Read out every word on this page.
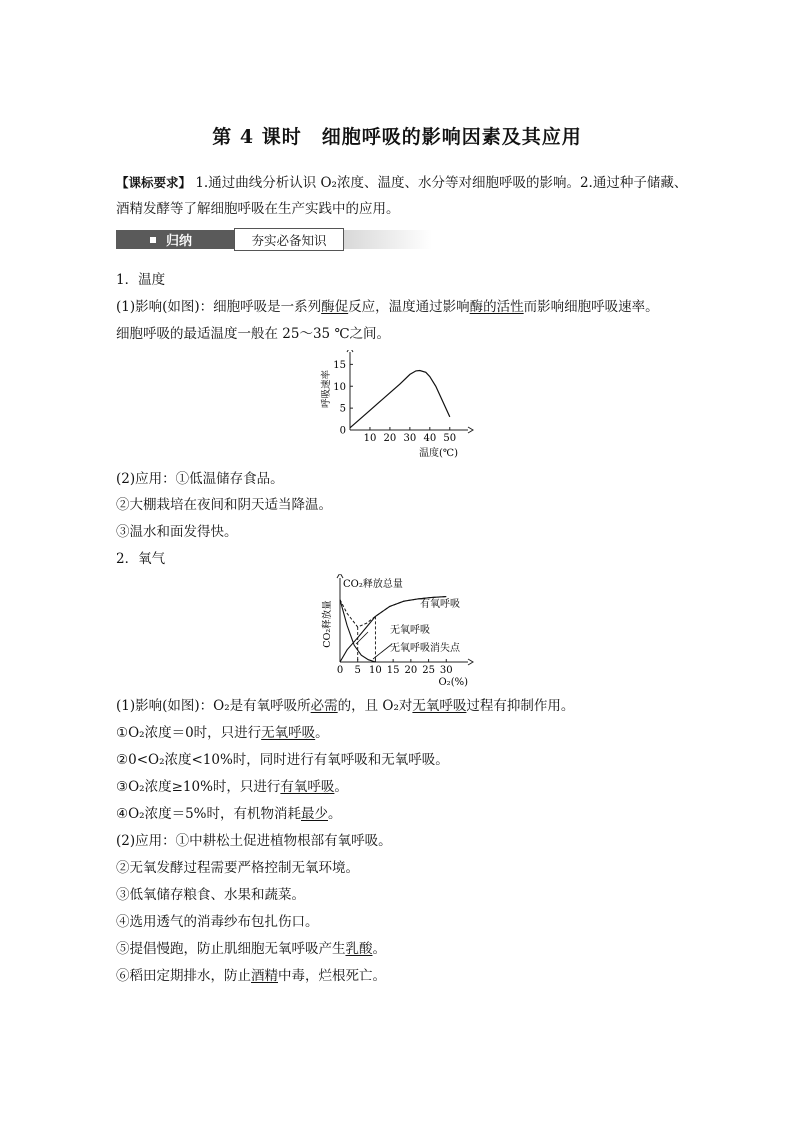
第 4 课时　细胞呼吸的影响因素及其应用
【课标要求】 1.通过曲线分析认识 O₂浓度、温度、水分等对细胞呼吸的影响。2.通过种子储藏、酒精发酵等了解细胞呼吸在生产实践中的应用。
归纳	夯实必备知识
1．温度
(1)影响(如图)：细胞呼吸是一系列酶促反应，温度通过影响酶的活性而影响细胞呼吸速率。
细胞呼吸的最适温度一般在 25～35 ℃之间。
10 20 30 40 50
0
5
10
15
呼吸速率
温度(℃)
(2)应用：①低温储存食品。
②大棚栽培在夜间和阴天适当降温。
③温水和面发得快。
2．氧气
0 5 10 15 20 25 30
CO₂释放总量
有氧呼吸
无氧呼吸
无氧呼吸消失点
CO₂释放量
O₂(%)
(1)影响(如图)：O₂是有氧呼吸所必需的，且 O₂对无氧呼吸过程有抑制作用。
①O₂浓度＝0时，只进行无氧呼吸。
②0<O₂浓度<10%时，同时进行有氧呼吸和无氧呼吸。
③O₂浓度≥10%时，只进行有氧呼吸。
④O₂浓度＝5%时，有机物消耗最少。
(2)应用：①中耕松土促进植物根部有氧呼吸。
②无氧发酵过程需要严格控制无氧环境。
③低氧储存粮食、水果和蔬菜。
④选用透气的消毒纱布包扎伤口。
⑤提倡慢跑，防止肌细胞无氧呼吸产生乳酸。
⑥稻田定期排水，防止酒精中毒，烂根死亡。
